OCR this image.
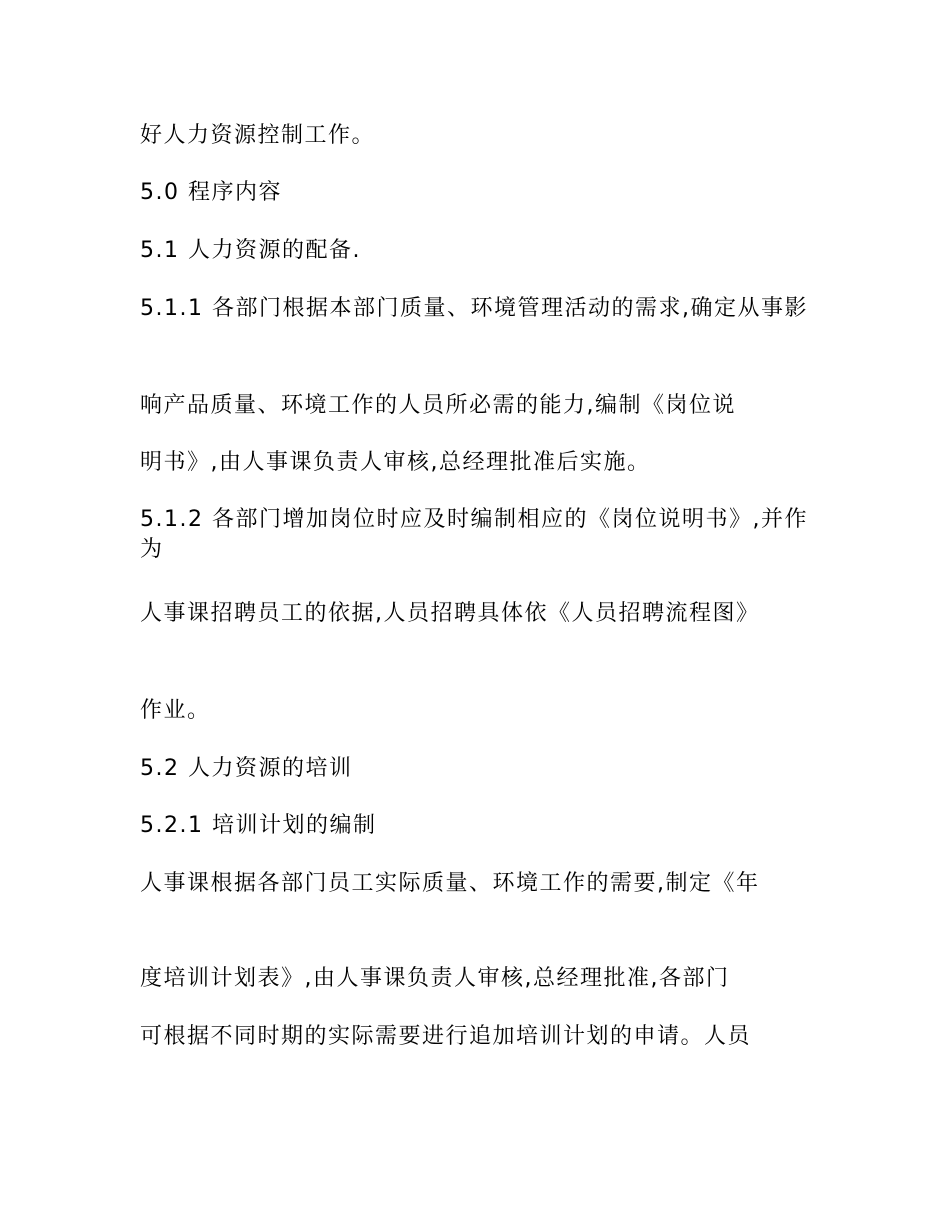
好人力资源控制工作。

5.0 程序内容

5.1 人力资源的配备.

5.1.1 各部门根据本部门质量、环境管理活动的需求,确定从事影

响产品质量、环境工作的人员所必需的能力,编制《岗位说

明书》,由人事课负责人审核,总经理批准后实施。

5.1.2 各部门增加岗位时应及时编制相应的《岗位说明书》,并作为

人事课招聘员工的依据,人员招聘具体依《人员招聘流程图》

作业。

5.2 人力资源的培训

5.2.1 培训计划的编制

人事课根据各部门员工实际质量、环境工作的需要,制定《年

度培训计划表》,由人事课负责人审核,总经理批准,各部门

可根据不同时期的实际需要进行追加培训计划的申请。人员
